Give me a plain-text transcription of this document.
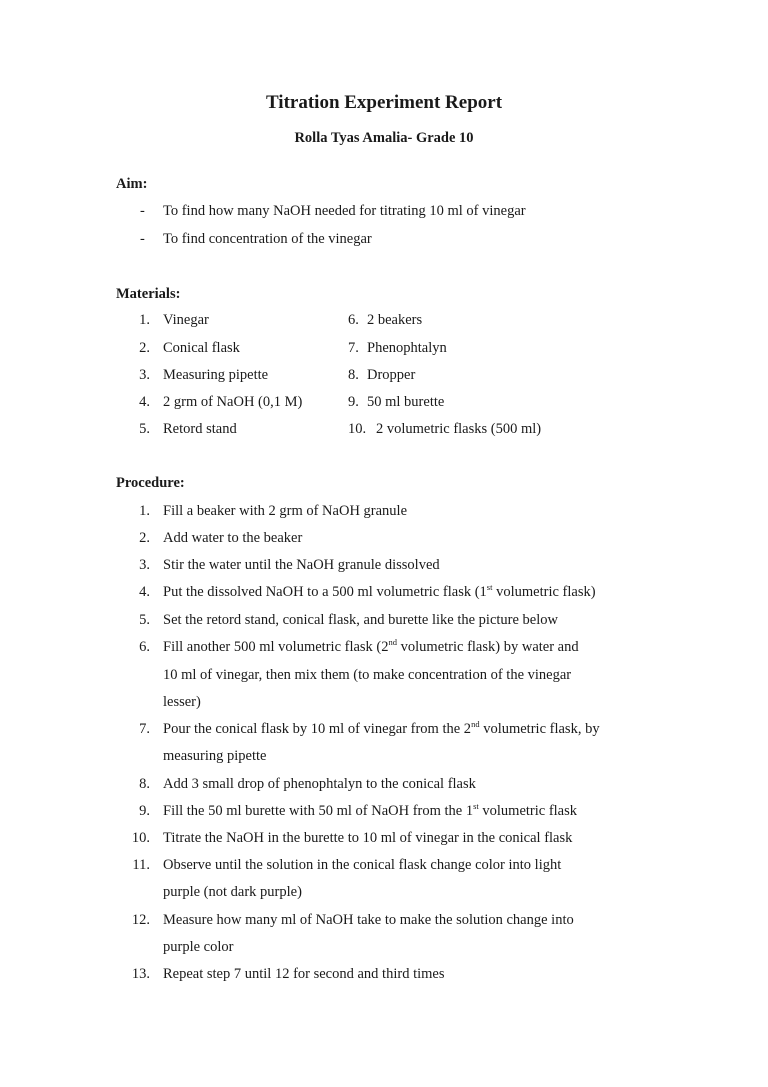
Titration Experiment Report
Rolla Tyas Amalia- Grade 10
Aim:
- To find how many NaOH needed for titrating 10 ml of vinegar
- To find concentration of the vinegar
Materials:
1. Vinegar	6. 2 beakers
2. Conical flask	7. Phenophtalyn
3. Measuring pipette	8. Dropper
4. 2 grm of NaOH (0,1 M)	9. 50 ml burette
5. Retord stand	10. 2 volumetric flasks (500 ml)
Procedure:
1. Fill a beaker with 2 grm of NaOH granule
2. Add water to the beaker
3. Stir the water until the NaOH granule dissolved
4. Put the dissolved NaOH to a 500 ml volumetric flask (1st volumetric flask)
5. Set the retord stand, conical flask, and burette like the picture below
6. Fill another 500 ml volumetric flask (2nd volumetric flask) by water and
10 ml of vinegar, then mix them (to make concentration of the vinegar
lesser)
7. Pour the conical flask by 10 ml of vinegar from the 2nd volumetric flask, by
measuring pipette
8. Add 3 small drop of phenophtalyn to the conical flask
9. Fill the 50 ml burette with 50 ml of NaOH from the 1st volumetric flask
10. Titrate the NaOH in the burette to 10 ml of vinegar in the conical flask
11. Observe until the solution in the conical flask change color into light
purple (not dark purple)
12. Measure how many ml of NaOH take to make the solution change into
purple color
13. Repeat step 7 until 12 for second and third times
